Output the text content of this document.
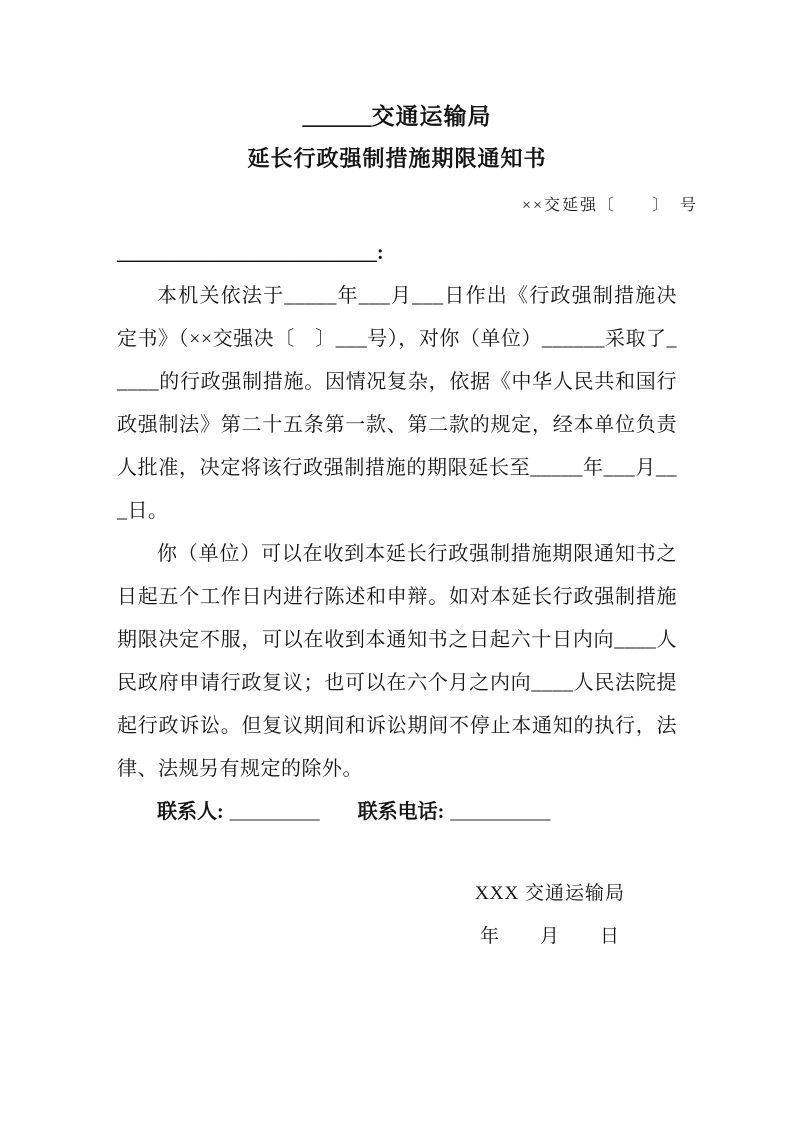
______交通运输局
延长行政强制措施期限通知书
××交延强〔　　〕　号
__________________________:

本机关依法于_____年___月___日作出《行政强制措施决定书》（××交强决〔　〕___号），对你（单位）______采取了_____的行政强制措施。因情况复杂，依据《中华人民共和国行政强制法》第二十五条第一款、第二款的规定，经本单位负责人批准，决定将该行政强制措施的期限延长至_____年___月___日。

你（单位）可以在收到本延长行政强制措施期限通知书之日起五个工作日内进行陈述和申辩。如对本延长行政强制措施期限决定不服，可以在收到本通知书之日起六十日内向____人民政府申请行政复议；也可以在六个月之内向____人民法院提起行政诉讼。但复议期间和诉讼期间不停止本通知的执行，法律、法规另有规定的除外。

联系人: _________ 联系电话: __________

XXX 交通运输局
年　　月　　日
